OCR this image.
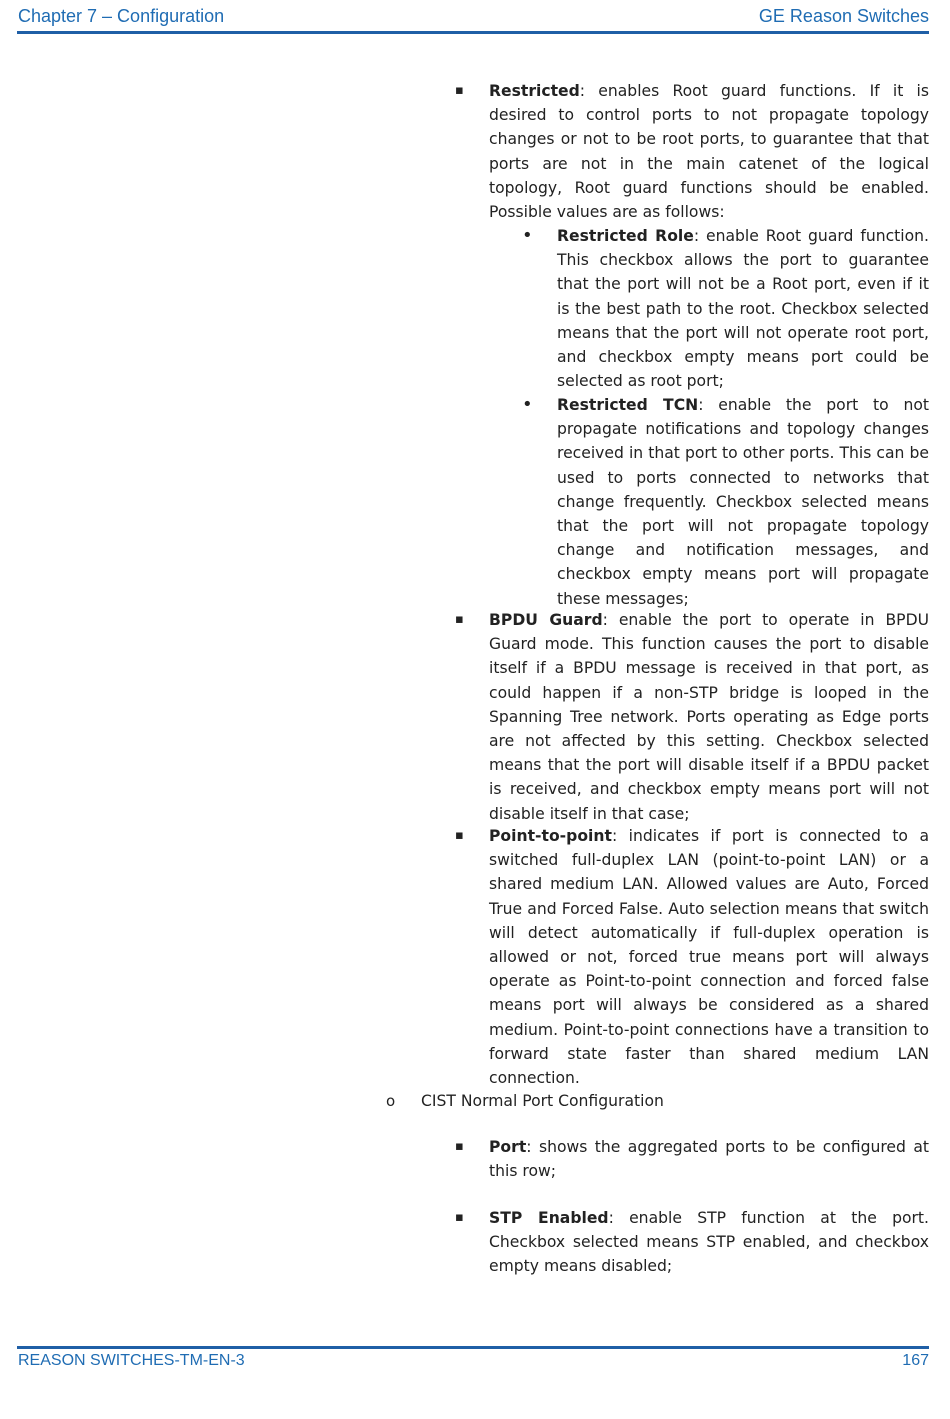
Chapter 7 – Configuration	GE Reason Switches
▪ Restricted: enables Root guard functions. If it is desired to control ports to not propagate topology changes or not to be root ports, to guarantee that that ports are not in the main catenet of the logical topology, Root guard functions should be enabled. Possible values are as follows:
• Restricted Role: enable Root guard function. This checkbox allows the port to guarantee that the port will not be a Root port, even if it is the best path to the root. Checkbox selected means that the port will not operate root port, and checkbox empty means port could be selected as root port;
• Restricted TCN: enable the port to not propagate notifications and topology changes received in that port to other ports. This can be used to ports connected to networks that change frequently. Checkbox selected means that the port will not propagate topology change and notification messages, and checkbox empty means port will propagate these messages;
▪ BPDU Guard: enable the port to operate in BPDU Guard mode. This function causes the port to disable itself if a BPDU message is received in that port, as could happen if a non-STP bridge is looped in the Spanning Tree network. Ports operating as Edge ports are not affected by this setting. Checkbox selected means that the port will disable itself if a BPDU packet is received, and checkbox empty means port will not disable itself in that case;
▪ Point-to-point: indicates if port is connected to a switched full-duplex LAN (point-to-point LAN) or a shared medium LAN. Allowed values are Auto, Forced True and Forced False. Auto selection means that switch will detect automatically if full-duplex operation is allowed or not, forced true means port will always operate as Point-to-point connection and forced false means port will always be considered as a shared medium. Point-to-point connections have a transition to forward state faster than shared medium LAN connection.
o CIST Normal Port Configuration
▪ Port: shows the aggregated ports to be configured at this row;
▪ STP Enabled: enable STP function at the port. Checkbox selected means STP enabled, and checkbox empty means disabled;
REASON SWITCHES-TM-EN-3	167
